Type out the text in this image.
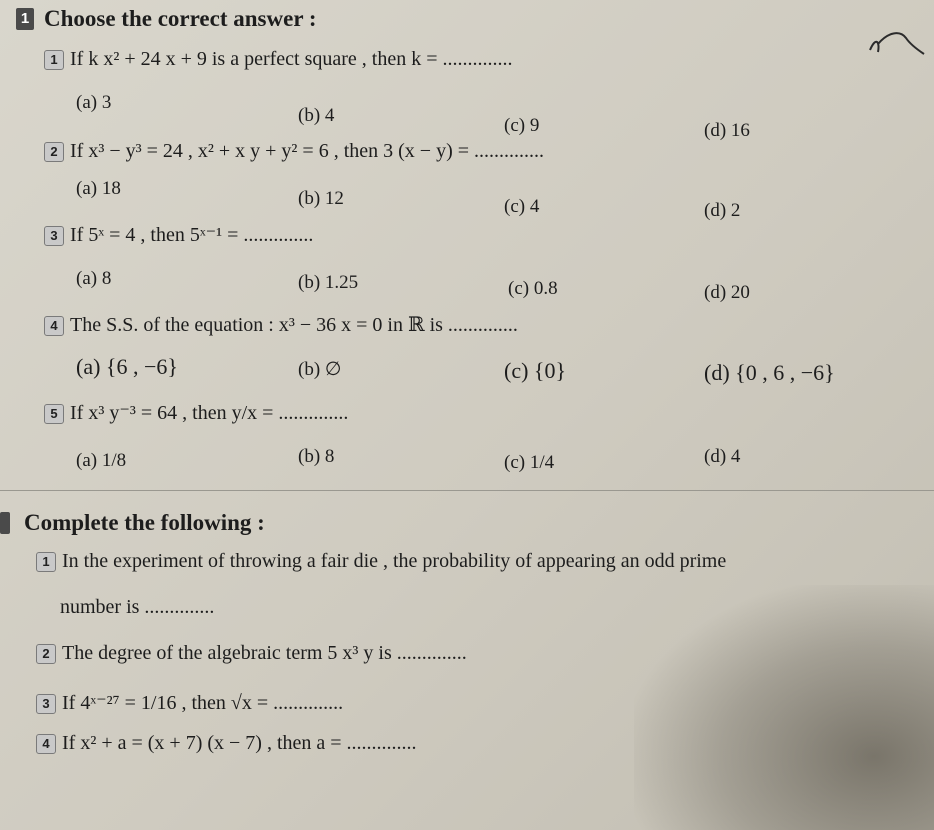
1 Choose the correct answer :
1 If k x² + 24 x + 9 is a perfect square , then k = ..............
(a) 3
(b) 4	(c) 9	(d) 16
2 If x³ − y³ = 24 , x² + x y + y² = 6 , then 3 (x − y) = ..............
(a) 18	(b) 12	(c) 4	(d) 2
3 If 5ˣ = 4 , then 5ˣ⁻¹ = ..............
(a) 8	(b) 1.25	(c) 0.8	(d) 20
4 The S.S. of the equation : x³ − 36 x = 0 in ℝ is ..............
(a) {6 , −6}	(b) ∅	(c) {0}	(d) {0 , 6 , −6}
5 If x³ y⁻³ = 64 , then y/x = ..............
(a) 1/8	(b) 8	(c) 1/4	(d) 4
Complete the following :
1 In the experiment of throwing a fair die , the probability of appearing an odd prime
number is ..............
2 The degree of the algebraic term 5 x³ y is ..............
3 If 4ˣ⁻²⁷ = 1/16 , then √x = ..............
4 If x² + a = (x + 7) (x − 7) , then a = ..............
